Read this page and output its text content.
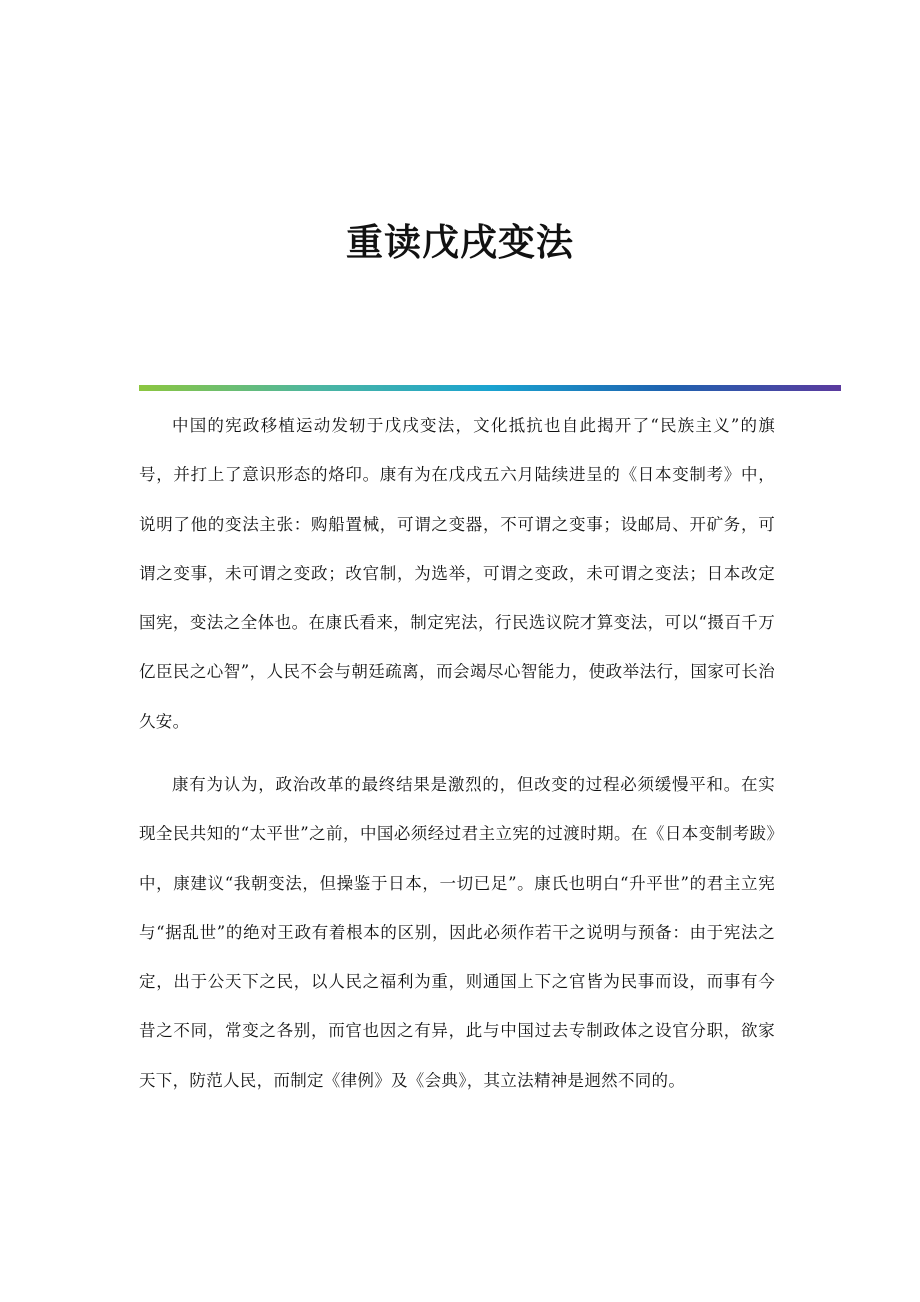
重读戊戌变法

中国的宪政移植运动发轫于戊戌变法，文化抵抗也自此揭开了“民族主义”的旗号，并打上了意识形态的烙印。康有为在戊戌五六月陆续进呈的《日本变制考》中，说明了他的变法主张：购船置械，可谓之变器，不可谓之变事；设邮局、开矿务，可谓之变事，未可谓之变政；改官制，为选举，可谓之变政，未可谓之变法；日本改定国宪，变法之全体也。在康氏看来，制定宪法，行民选议院才算变法，可以“摄百千万亿臣民之心智”，人民不会与朝廷疏离，而会竭尽心智能力，使政举法行，国家可长治久安。

康有为认为，政治改革的最终结果是激烈的，但改变的过程必须缓慢平和。在实现全民共知的“太平世”之前，中国必须经过君主立宪的过渡时期。在《日本变制考跋》中，康建议“我朝变法，但操鉴于日本，一切已足”。康氏也明白“升平世”的君主立宪与“据乱世”的绝对王政有着根本的区别，因此必须作若干之说明与预备：由于宪法之定，出于公天下之民，以人民之福利为重，则通国上下之官皆为民事而设，而事有今昔之不同，常变之各别，而官也因之有异，此与中国过去专制政体之设官分职，欲家天下，防范人民，而制定《律例》及《会典》，其立法精神是迥然不同的。
